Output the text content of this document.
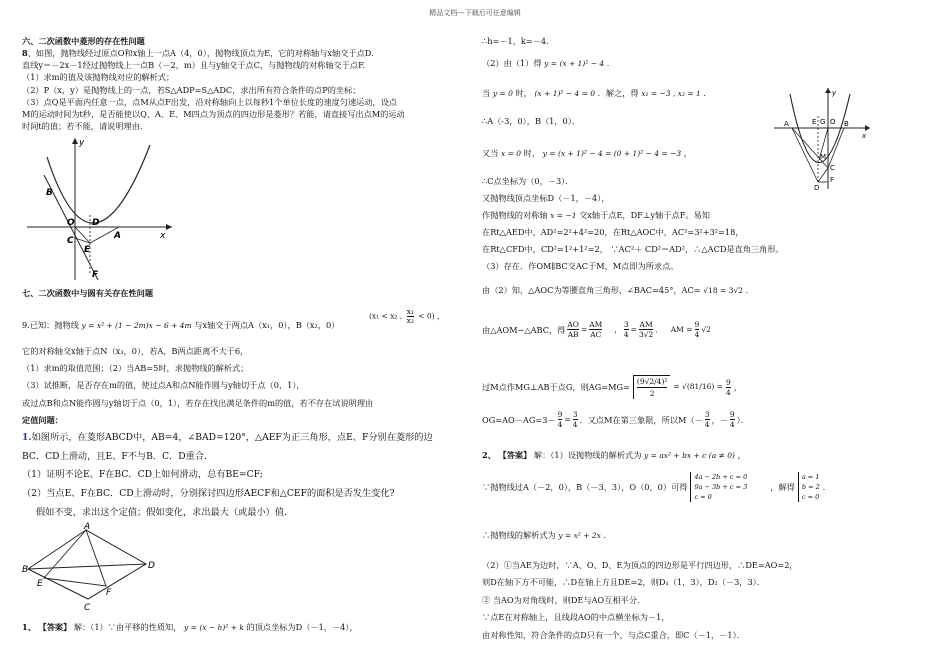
精品文档---下载后可任意编辑
六、二次函数中菱形的存在性问题
8、如图，抛物线经过原点O和x轴上一点A（4，0），抛物线顶点为E，它的对称轴与x轴交于点D.
直线y＝－2x－1经过抛物线上一点B（－2，m）且与y轴交于点C，与抛物线的对称轴交于点F.
（1）求m的值及该抛物线对应的解析式；
（2）P（x，y）是抛物线上的一点，若S△ADP=S△ADC，求出所有符合条件的点P的坐标；
（3）点Q是平面内任意一点，点M从点F出发，沿对称轴向上以每秒1个单位长度的速度匀速运动，设点
M的运动时间为t秒，是否能使以Q、A、E、M四点为顶点的四边形是菱形？若能，请直接写出点M的运动
时间t的值；若不能，请说明理由.
y
x
B
O D
A
C
E
F
七、二次函数中与圆有关存在性问题
9.已知：抛物线 y = x² + (1 − 2m)x − 6 + 4m 与x轴交于两点A（x₁，0），B（x₂，0）
(x₁ < x₂ , $\frac{\text{x₁}}{\text{x₂}} < 0$) ，
它的对称轴交x轴于点N（x₃，0），若A，B两点距离不大于6，
（1）求m的取值范围；（2）当AB=5时，求抛物线的解析式；
（3）试推断，是否存在m的值，使过点A和点N能作圆与y轴切于点（0，1），
或过点B和点N能作圆与y轴切于点（0，1），若存在找出满足条件的m的值，若不存在试说明理由
定值问题：
1.如图所示，在菱形ABCD中，AB=4，∠BAD=120°，△AEF为正三角形，点E、F分别在菱形的边
BC．CD上滑动，且E、F不与B．C．D重合.
（1）证明不论E、F在BC．CD上如何滑动，总有BE=CF;
（2）当点E、F在BC．CD上滑动时，分别探讨四边形AECF和△CEF的面积是否发生变化?
假如不变，求出这个定值；假如变化，求出最大（或最小）值.
A
B
C
D
E
F
1、 【答案】 解：（1）∵由平移的性质知， y = (x − h)² + k 的顶点坐标为D（－1，－4），
∴h=－1，k=－4．
（2）由（1）得 y = (x + 1)² − 4 ．
当 y = 0 时， (x + 1)² − 4 = 0 ．解之，得 x₁ = −3 , x₂ = 1 ．
∴A（-3，0），B（1，0）．
又当 x = 0 时， y = (x + 1)² − 4 = (0 + 1)² − 4 = −3 ，
∴C点坐标为（0，－3）．
又抛物线顶点坐标D（－1，－4），
作抛物线的对称轴 x = −1 交x轴于点E，DF⊥y轴于点F。易知
在Rt△AED中，AD²=2²+4²=20，在Rt△AOC中，AC²=3²+3²=18，
在Rt△CFD中，CD²=1²+1²=2， ∵AC²＋ CD²＝AD²，∴△ACD是直角三角形。
（3）存在．作OM∥BC交AC于M，M点即为所求点。
由（2）知，△AOC为等腰直角三角形，∠BAC=45°，AC= √18 = 3√2 ．
由△AOM∽△ABC，得 $\frac{AO}{AB} = \frac{AM}{AC}$ ， $\frac{3}{4} = \frac{AM}{3√2}$ ． AM = $\frac{9}{4} √2$
过M点作MG⊥AB于点G，则$AG=MG= \frac{\text{(9√2/4)²}}{2} = √(81/16) = \frac{9}{4}$ ，
$OG=AO-AG=3- \frac{9}{4} = \frac{3}{4}$ ．又点M在第三象限，所以$M(- \frac{3}{4}$ ，－ $\frac{9}{4}$ ）．
2、 【答案】 解：（1）设抛物线的解析式为 y = ax² + bx + c (a ≠ 0) ，
∵抛物线过A（－2，0），B（－3，3），O（0，0）可得
4a − 2b + c = 0
9a − 3b + c = 3
c = 0
，解得
a = 1
b = 2
c = 0
．
∴抛物线的解析式为 y = x² + 2x ．
（2）①当AE为边时，∵A、O、D、E为顶点的四边形是平行四边形，∴DE=AO=2，
则D在轴下方不可能，∴D在轴上方且DE=2，则D₁（1，3），D₂（－3，3）．
② 当AO为对角线时，则DE与AO互相平分．
∵点E在对称轴上，且线段AO的中点横坐标为－1，
由对称性知，符合条件的点D只有一个，与点C重合，即C（－1，－1）．
y
x
E G O
A	B
M
C
F
D
